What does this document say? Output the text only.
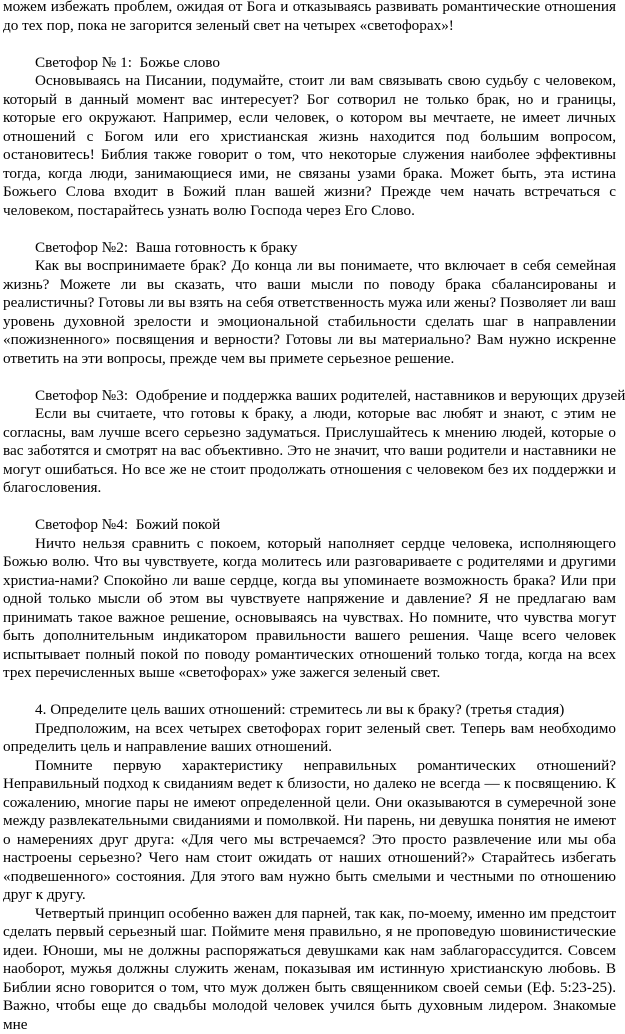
можем избежать проблем, ожидая от Бога и отказываясь развивать романтические отношения до тех пор, пока не загорится зеленый свет на четырех «светофорах»!

Светофор № 1:  Божье слово

Основываясь на Писании, подумайте, стоит ли вам связывать свою судьбу с человеком, который в данный момент вас интересует? Бог сотворил не только брак, но и границы, которые его окружают. Например, если человек, о котором вы мечтаете, не имеет личных отношений с Богом или его христианская жизнь находится под большим вопросом, остановитесь! Библия также говорит о том, что некоторые служения наиболее эффективны тогда, когда люди, занимающиеся ими, не связаны узами брака. Может быть, эта истина Божьего Слова входит в Божий план вашей жизни? Прежде чем начать встречаться с человеком, постарайтесь узнать волю Господа через Его Слово.

Светофор №2:  Ваша готовность к браку

Как вы воспринимаете брак? До конца ли вы понимаете, что включает в себя семейная жизнь? Можете ли вы сказать, что ваши мысли по поводу брака сбалансированы и реалистичны? Готовы ли вы взять на себя ответственность мужа или жены? Позволяет ли ваш уровень духовной зрелости и эмоциональной стабильности сделать шаг в направлении «пожизненного» посвящения и верности? Готовы ли вы материально? Вам нужно искренне ответить на эти вопросы, прежде чем вы примете серьезное решение.

Светофор №3:  Одобрение и поддержка ваших родителей, наставников и верующих друзей

Если вы считаете, что готовы к браку, а люди, которые вас любят и знают, с этим не согласны, вам лучше всего серьезно задуматься. Прислушайтесь к мнению людей, которые о вас заботятся и смотрят на вас объективно. Это не значит, что ваши родители и наставники не могут ошибаться. Но все же не стоит продолжать отношения с человеком без их поддержки и благословения.

Светофор №4:  Божий покой

Ничто нельзя сравнить с покоем, который наполняет сердце человека, исполняющего Божью волю. Что вы чувствуете, когда молитесь или разговариваете с родителями и другими христиа-нами? Спокойно ли ваше сердце, когда вы упоминаете возможность брака? Или при одной только мысли об этом вы чувствуете напряжение и давление? Я не предлагаю вам принимать такое важное решение, основываясь на чувствах. Но помните, что чувства могут быть дополнительным индикатором правильности вашего решения. Чаще всего человек испытывает полный покой по поводу романтических отношений только тогда, когда на всех трех перечисленных выше «светофорах» уже зажегся зеленый свет.

4. Определите цель ваших отношений: стремитесь ли вы к браку? (третья стадия)

Предположим, на всех четырех светофорах горит зеленый свет. Теперь вам необходимо определить цель и направление ваших отношений.

Помните первую характеристику неправильных романтических отношений? Неправильный подход к свиданиям ведет к близости, но далеко не всегда — к посвящению. К сожалению, многие пары не имеют определенной цели. Они оказываются в сумеречной зоне между развлекательными свиданиями и помолвкой. Ни парень, ни девушка понятия не имеют о намерениях друг друга: «Для чего мы встречаемся? Это просто развлечение или мы оба настроены серьезно? Чего нам стоит ожидать от наших отношений?» Старайтесь избегать «подвешенного» состояния. Для этого вам нужно быть смелыми и честными по отношению друг к другу.

Четвертый принцип особенно важен для парней, так как, по-моему, именно им предстоит сделать первый серьезный шаг. Поймите меня правильно, я не проповедую шовинистические идеи. Юноши, мы не должны распоряжаться девушками как нам заблагорассудится. Совсем наоборот, мужья должны служить женам, показывая им истинную христианскую любовь. В Библии ясно говорится о том, что муж должен быть священником своей семьи (Еф. 5:23-25). Важно, чтобы еще до свадьбы молодой человек учился быть духовным лидером. Знакомые мне
